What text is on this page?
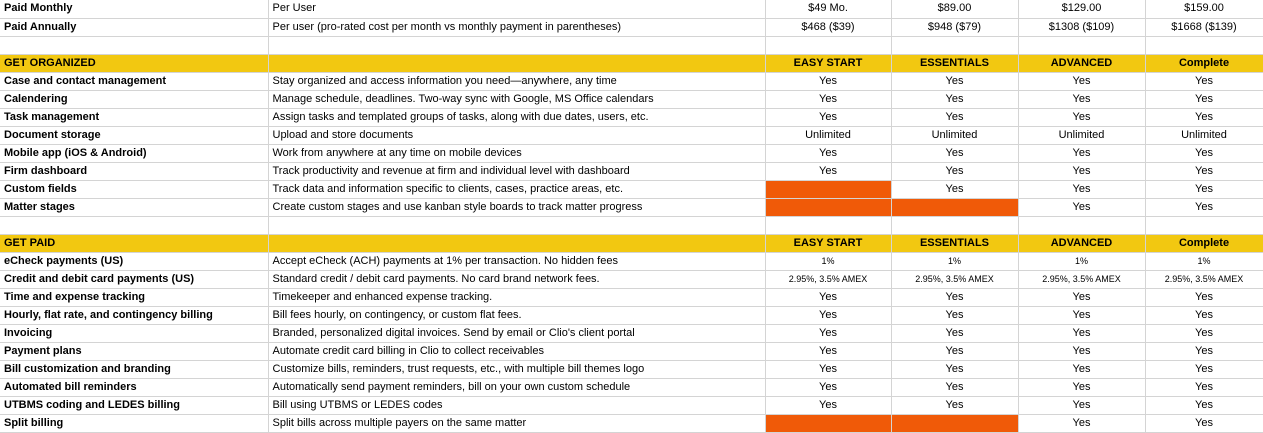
Paid Monthly	Per User	$49 Mo.	$89.00	$129.00	$159.00
Paid Annually	Per user (pro-rated cost per month vs monthly payment in parentheses)	$468 ($39)	$948 ($79)	$1308 ($109)	$1668 ($139)

GET ORGANIZED		EASY START	ESSENTIALS	ADVANCED	Complete
Case and contact management	Stay organized and access information you need—anywhere, any time	Yes	Yes	Yes	Yes
Calendering	Manage schedule, deadlines. Two-way sync with Google, MS Office calendars	Yes	Yes	Yes	Yes
Task management	Assign tasks and templated groups of tasks, along with due dates, users, etc.	Yes	Yes	Yes	Yes
Document storage	Upload and store documents	Unlimited	Unlimited	Unlimited	Unlimited
Mobile app (iOS & Android)	Work from anywhere at any time on mobile devices	Yes	Yes	Yes	Yes
Firm dashboard	Track productivity and revenue at firm and individual level with dashboard	Yes	Yes	Yes	Yes
Custom fields	Track data and information specific to clients, cases, practice areas, etc.		Yes	Yes	Yes
Matter stages	Create custom stages and use kanban style boards to track matter progress			Yes	Yes

GET PAID		EASY START	ESSENTIALS	ADVANCED	Complete
eCheck payments (US)	Accept eCheck (ACH) payments at 1% per transaction. No hidden fees	1%	1%	1%	1%
Credit and debit card payments (US)	Standard credit / debit card payments. No card brand network fees.	2.95%, 3.5% AMEX	2.95%, 3.5% AMEX	2.95%, 3.5% AMEX	2.95%, 3.5% AMEX
Time and expense tracking	Timekeeper and enhanced expense tracking.	Yes	Yes	Yes	Yes
Hourly, flat rate, and contingency billing	Bill fees hourly, on contingency, or custom flat fees.	Yes	Yes	Yes	Yes
Invoicing	Branded, personalized digital invoices. Send by email or Clio's client portal	Yes	Yes	Yes	Yes
Payment plans	Automate credit card billing in Clio to collect receivables	Yes	Yes	Yes	Yes
Bill customization and branding	Customize bills, reminders, trust requests, etc., with multiple bill themes logo	Yes	Yes	Yes	Yes
Automated bill reminders	Automatically send payment reminders, bill on your own custom schedule	Yes	Yes	Yes	Yes
UTBMS coding and LEDES billing	Bill using UTBMS or LEDES codes	Yes	Yes	Yes	Yes
Split billing	Split bills across multiple payers on the same matter			Yes	Yes
